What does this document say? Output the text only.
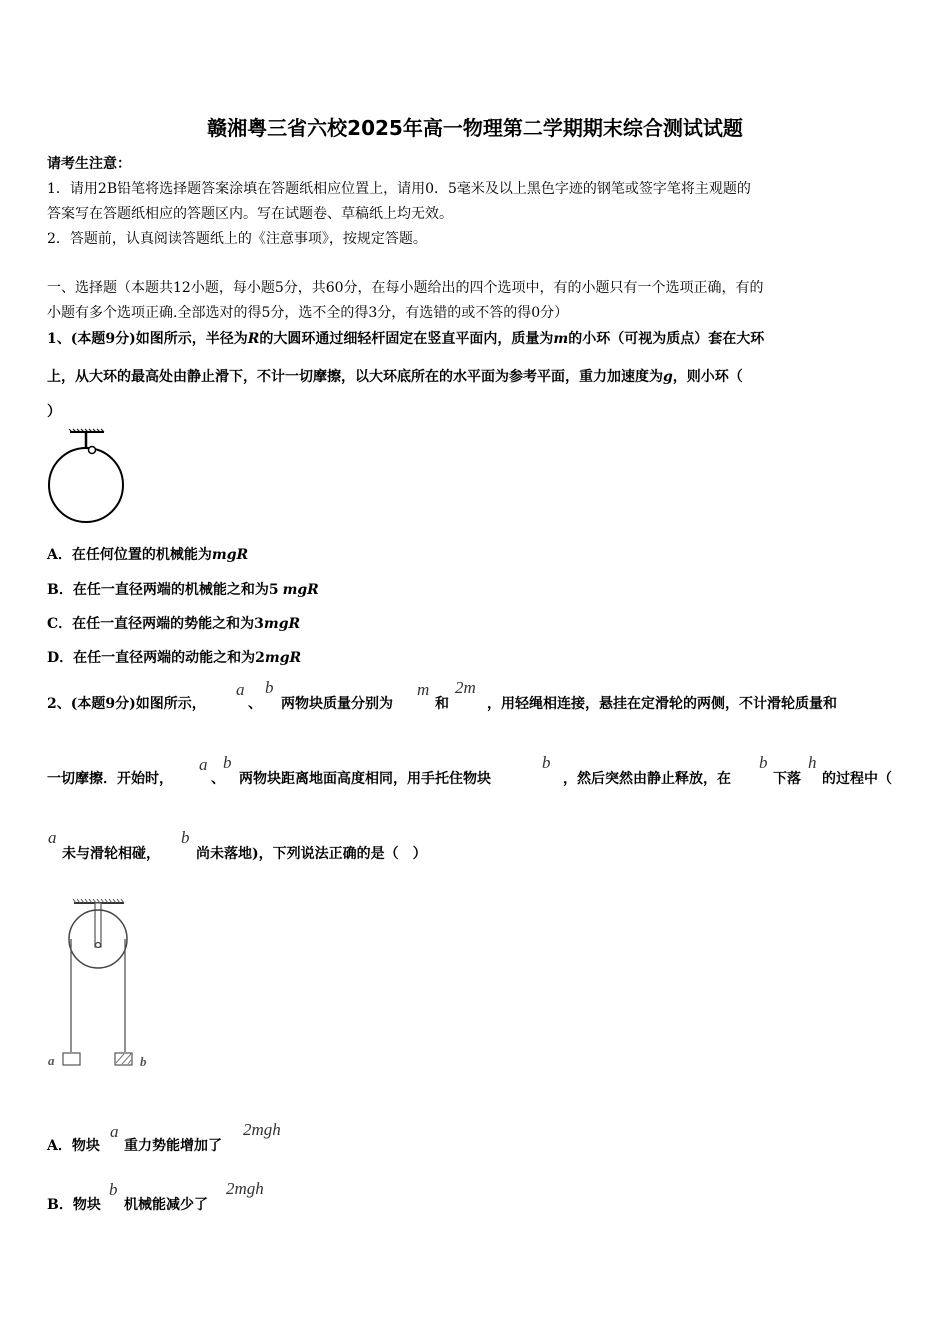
赣湘粤三省六校2025年高一物理第二学期期末综合测试试题
请考生注意：
1．请用2B铅笔将选择题答案涂填在答题纸相应位置上，请用0．5毫米及以上黑色字迹的钢笔或签字笔将主观题的
答案写在答题纸相应的答题区内。写在试题卷、草稿纸上均无效。
2．答题前，认真阅读答题纸上的《注意事项》，按规定答题。
一、选择题（本题共12小题，每小题5分，共60分，在每小题给出的四个选项中，有的小题只有一个选项正确，有的
小题有多个选项正确.全部选对的得5分，选不全的得3分，有选错的或不答的得0分）
1、(本题9分)如图所示，半径为R的大圆环通过细轻杆固定在竖直平面内，质量为m的小环（可视为质点）套在大环
上，从大环的最高处由静止滑下，不计一切摩擦，以大环底所在的水平面为参考平面，重力加速度为g，则小环（
）
A．在任何位置的机械能为mgR
B．在任一直径两端的机械能之和为5 mgR
C．在任一直径两端的势能之和为3mgR
D．在任一直径两端的动能之和为2mgR
2、(本题9分)如图所示，
a
、
b
两物块质量分别为
m
和
2m
，用轻绳相连接，悬挂在定滑轮的两侧，不计滑轮质量和
一切摩擦．开始时，
a
、
b
两物块距离地面高度相同，用手托住物块
b
，然后突然由静止释放，在
b
下落
h
的过程中（
a
未与滑轮相碰，
b
尚未落地)，下列说法正确的是（　）
a	b
A．物块
a
重力势能增加了
2mgh
B．物块
b
机械能减少了
2mgh
